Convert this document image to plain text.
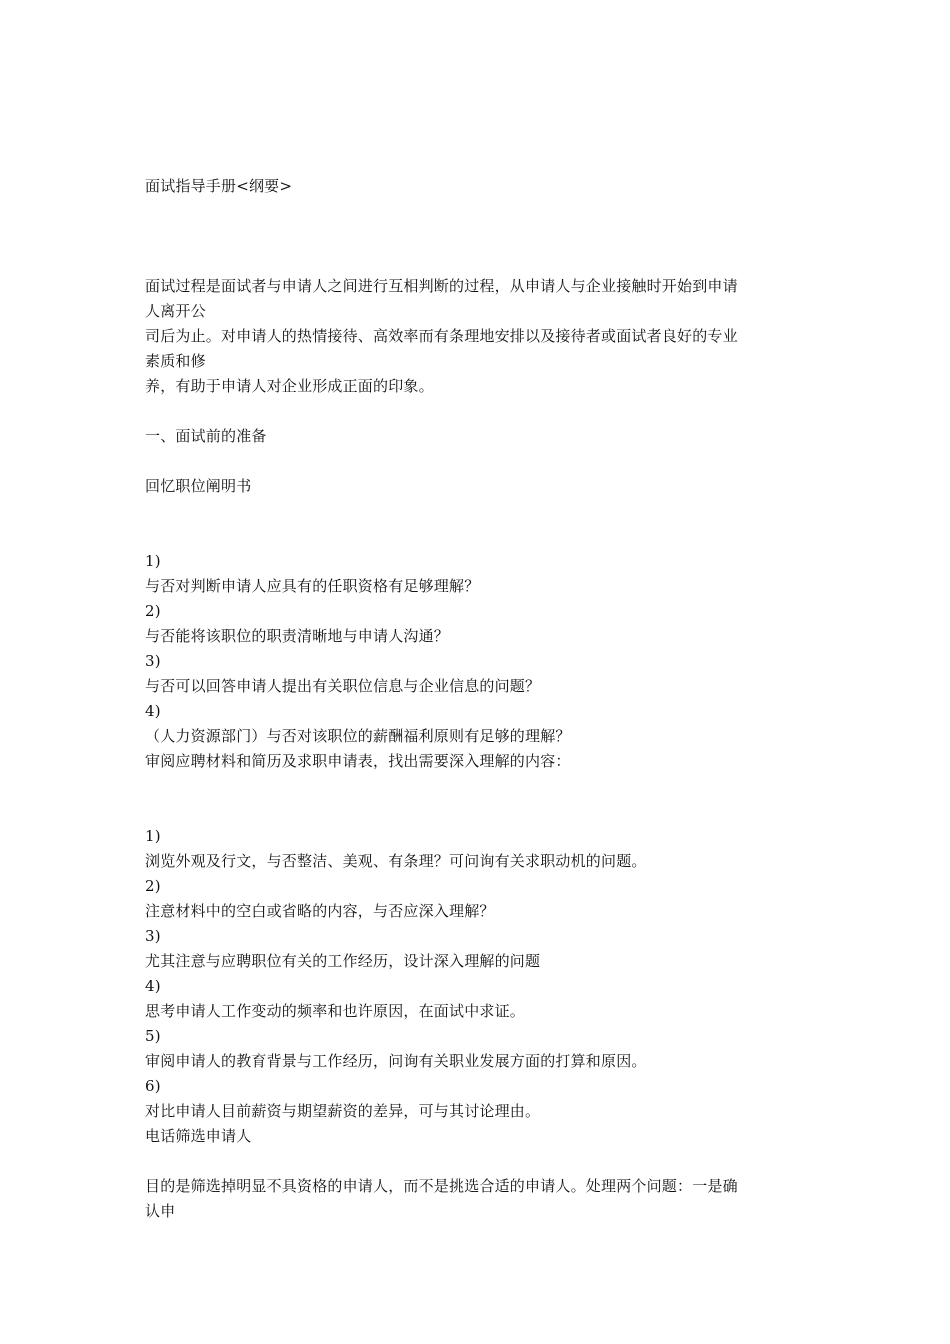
面试指导手册<纲要>
面试过程是面试者与申请人之间进行互相判断的过程，从申请人与企业接触时开始到申请
人离开公
司后为止。对申请人的热情接待、高效率而有条理地安排以及接待者或面试者良好的专业
素质和修
养，有助于申请人对企业形成正面的印象。
一、面试前的准备
回忆职位阐明书
1)
与否对判断申请人应具有的任职资格有足够理解？
2)
与否能将该职位的职责清晰地与申请人沟通？
3)
与否可以回答申请人提出有关职位信息与企业信息的问题？
4)
（人力资源部门）与否对该职位的薪酬福利原则有足够的理解？
审阅应聘材料和简历及求职申请表，找出需要深入理解的内容：
1)
浏览外观及行文，与否整洁、美观、有条理？可问询有关求职动机的问题。
2)
注意材料中的空白或省略的内容，与否应深入理解？
3)
尤其注意与应聘职位有关的工作经历，设计深入理解的问题
4)
思考申请人工作变动的频率和也许原因，在面试中求证。
5)
审阅申请人的教育背景与工作经历，问询有关职业发展方面的打算和原因。
6)
对比申请人目前薪资与期望薪资的差异，可与其讨论理由。
电话筛选申请人
目的是筛选掉明显不具资格的申请人，而不是挑选合适的申请人。处理两个问题：一是确
认申
